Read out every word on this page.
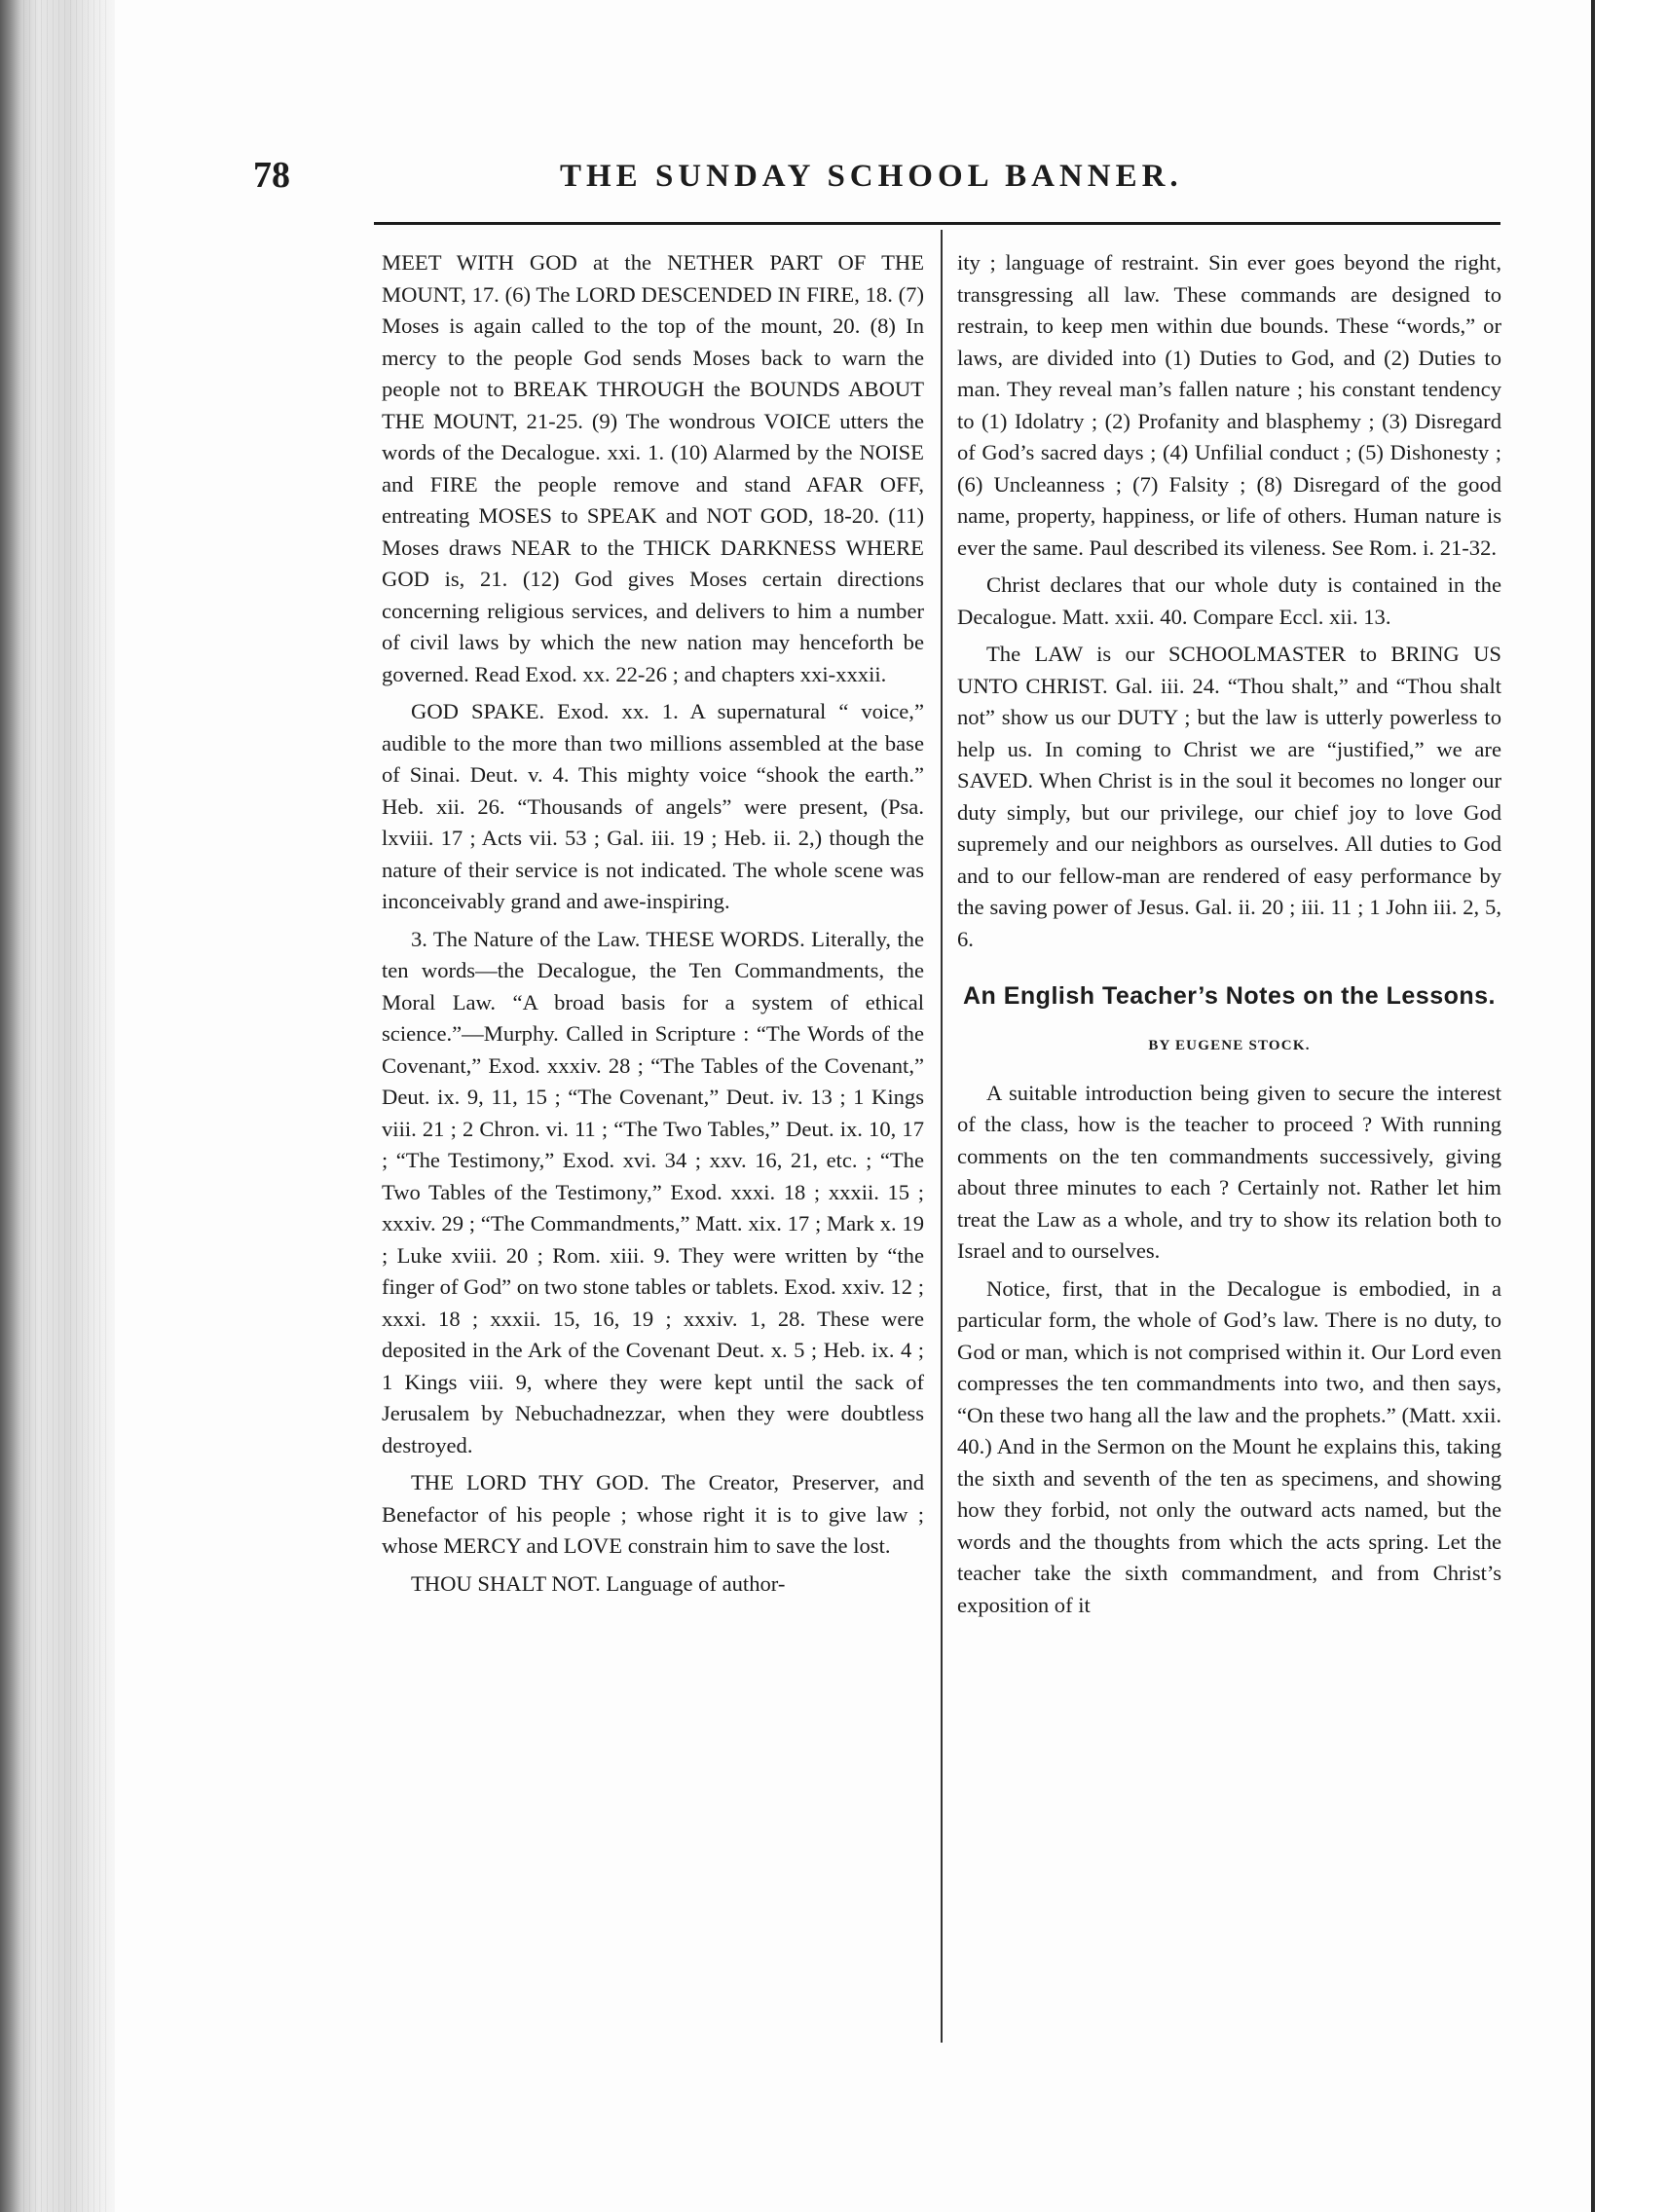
78	THE SUNDAY SCHOOL BANNER.

MEET WITH GOD at the NETHER PART OF THE MOUNT, 17. (6) The LORD DESCENDED IN FIRE, 18. (7) Moses is again called to the top of the mount, 20. (8) In mercy to the people God sends Moses back to warn the people not to BREAK THROUGH the BOUNDS ABOUT THE MOUNT, 21-25. (9) The wondrous VOICE utters the words of the Decalogue. xxi. 1. (10) Alarmed by the NOISE and FIRE the people remove and stand AFAR OFF, entreating MOSES to SPEAK and NOT GOD, 18-20. (11) Moses draws NEAR to the THICK DARKNESS WHERE GOD is, 21. (12) God gives Moses certain directions concerning religious services, and delivers to him a number of civil laws by which the new nation may henceforth be governed. Read Exod. xx. 22-26 ; and chapters xxi-xxxii.

GOD SPAKE. Exod. xx. 1. A supernatural “ voice,” audible to the more than two millions assembled at the base of Sinai. Deut. v. 4. This mighty voice “shook the earth.” Heb. xii. 26. “Thousands of angels” were present, (Psa. lxviii. 17 ; Acts vii. 53 ; Gal. iii. 19 ; Heb. ii. 2,) though the nature of their service is not indicated. The whole scene was inconceivably grand and awe-inspiring.

3. The Nature of the Law. THESE WORDS. Literally, the ten words—the Decalogue, the Ten Commandments, the Moral Law. “A broad basis for a system of ethical science.”—Murphy. Called in Scripture : “The Words of the Covenant,” Exod. xxxiv. 28 ; “The Tables of the Covenant,” Deut. ix. 9, 11, 15 ; “The Covenant,” Deut. iv. 13 ; 1 Kings viii. 21 ; 2 Chron. vi. 11 ; “The Two Tables,” Deut. ix. 10, 17 ; “The Testimony,” Exod. xvi. 34 ; xxv. 16, 21, etc. ; “The Two Tables of the Testimony,” Exod. xxxi. 18 ; xxxii. 15 ; xxxiv. 29 ; “The Commandments,” Matt. xix. 17 ; Mark x. 19 ; Luke xviii. 20 ; Rom. xiii. 9. They were written by “the finger of God” on two stone tables or tablets. Exod. xxiv. 12 ; xxxi. 18 ; xxxii. 15, 16, 19 ; xxxiv. 1, 28. These were deposited in the Ark of the Covenant Deut. x. 5 ; Heb. ix. 4 ; 1 Kings viii. 9, where they were kept until the sack of Jerusalem by Nebuchadnezzar, when they were doubtless destroyed.

THE LORD THY GOD. The Creator, Preserver, and Benefactor of his people ; whose right it is to give law ; whose MERCY and LOVE constrain him to save the lost.

THOU SHALT NOT. Language of author-

ity ; language of restraint. Sin ever goes beyond the right, transgressing all law. These commands are designed to restrain, to keep men within due bounds. These “words,” or laws, are divided into (1) Duties to God, and (2) Duties to man. They reveal man’s fallen nature ; his constant tendency to (1) Idolatry ; (2) Profanity and blasphemy ; (3) Disregard of God’s sacred days ; (4) Unfilial conduct ; (5) Dishonesty ; (6) Uncleanness ; (7) Falsity ; (8) Disregard of the good name, property, happiness, or life of others. Human nature is ever the same. Paul described its vileness. See Rom. i. 21-32.

Christ declares that our whole duty is contained in the Decalogue. Matt. xxii. 40. Compare Eccl. xii. 13.

The LAW is our SCHOOLMASTER to BRING US UNTO CHRIST. Gal. iii. 24. “Thou shalt,” and “Thou shalt not” show us our DUTY ; but the law is utterly powerless to help us. In coming to Christ we are “justified,” we are SAVED. When Christ is in the soul it becomes no longer our duty simply, but our privilege, our chief joy to love God supremely and our neighbors as ourselves. All duties to God and to our fellow-man are rendered of easy performance by the saving power of Jesus. Gal. ii. 20 ; iii. 11 ; 1 John iii. 2, 5, 6.

An English Teacher’s Notes on the Lessons.
BY EUGENE STOCK.

A suitable introduction being given to secure the interest of the class, how is the teacher to proceed ? With running comments on the ten commandments successively, giving about three minutes to each ? Certainly not. Rather let him treat the Law as a whole, and try to show its relation both to Israel and to ourselves.

Notice, first, that in the Decalogue is embodied, in a particular form, the whole of God’s law. There is no duty, to God or man, which is not comprised within it. Our Lord even compresses the ten commandments into two, and then says, “On these two hang all the law and the prophets.” (Matt. xxii. 40.) And in the Sermon on the Mount he explains this, taking the sixth and seventh of the ten as specimens, and showing how they forbid, not only the outward acts named, but the words and the thoughts from which the acts spring. Let the teacher take the sixth commandment, and from Christ’s exposition of it
